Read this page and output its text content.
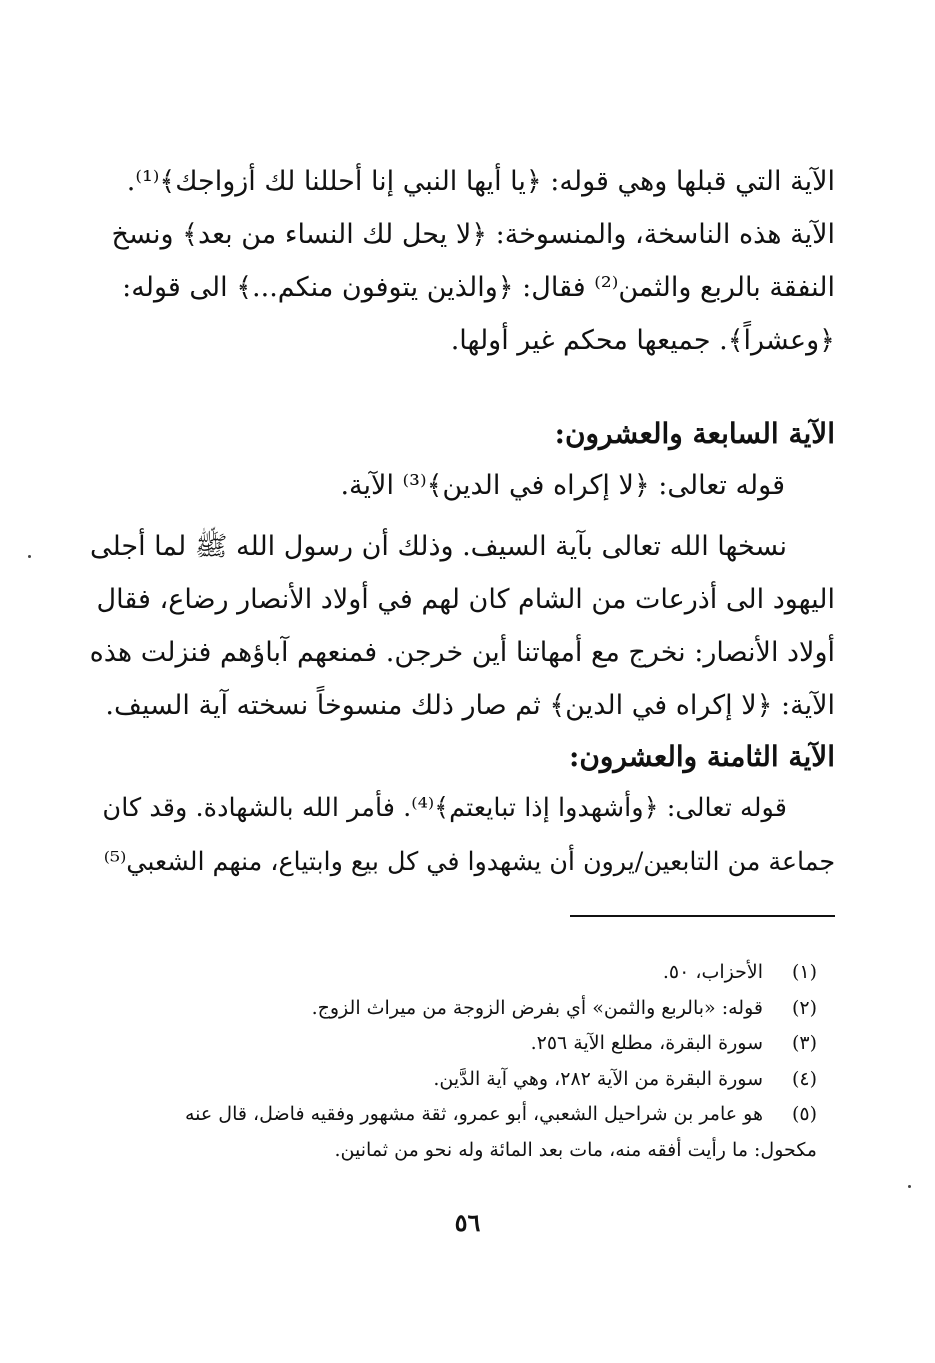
الآية التي قبلها وهي قوله: ﴿يا أيها النبي إنا أحللنا لك أزواجك﴾⁽¹⁾.
الآية هذه الناسخة، والمنسوخة: ﴿لا يحل لك النساء من بعد﴾ ونسخ
النفقة بالربع والثمن⁽²⁾ فقال: ﴿والذين يتوفون منكم...﴾ الى قوله:
﴿وعشراً﴾. جميعها محكم غير أولها.
الآية السابعة والعشرون:
قوله تعالى: ﴿لا إكراه في الدين﴾⁽³⁾ الآية.
نسخها الله تعالى بآية السيف. وذلك أن رسول الله ﷺ لما أجلى
اليهود الى أذرعات من الشام كان لهم في أولاد الأنصار رضاع، فقال
أولاد الأنصار: نخرج مع أمهاتنا أين خرجن. فمنعهم آباؤهم فنزلت هذه
الآية: ﴿لا إكراه في الدين﴾ ثم صار ذلك منسوخاً نسخته آية السيف.
الآية الثامنة والعشرون:
قوله تعالى: ﴿وأشهدوا إذا تبايعتم﴾⁽⁴⁾. فأمر الله بالشهادة. وقد كان
جماعة من التابعين/يرون أن يشهدوا في كل بيع وابتياع، منهم الشعبي⁽⁵⁾
(١)
الأحزاب، ٥٠.
(٢)
قوله: «بالربع والثمن» أي بفرض الزوجة من ميراث الزوج.
(٣)
سورة البقرة، مطلع الآية ٢٥٦.
(٤)
سورة البقرة من الآية ٢٨٢، وهي آية الدَّين.
(٥)
هو عامر بن شراحيل الشعبي، أبو عمرو، ثقة مشهور وفقيه فاضل، قال عنه
مكحول: ما رأيت أفقه منه، مات بعد المائة وله نحو من ثمانين.
٥٦
